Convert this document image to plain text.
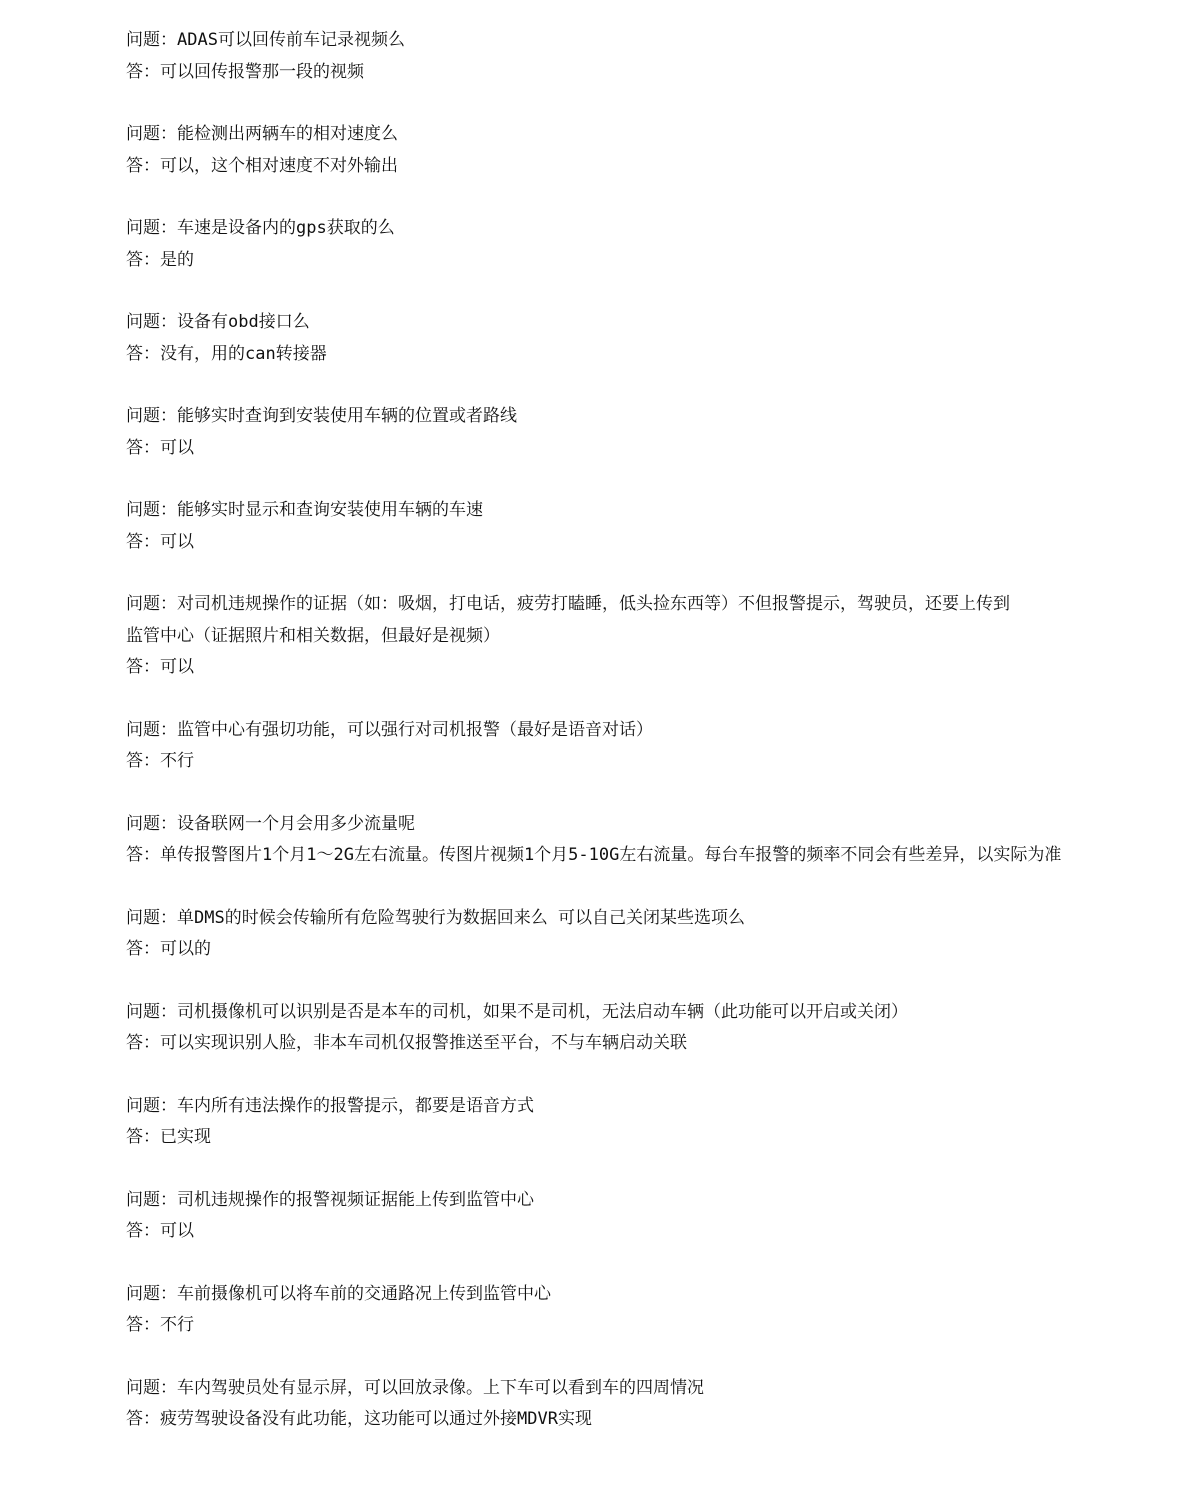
问题：ADAS可以回传前车记录视频么
答：可以回传报警那一段的视频
问题：能检测出两辆车的相对速度么
答：可以，这个相对速度不对外输出
问题：车速是设备内的gps获取的么
答：是的
问题：设备有obd接口么
答：没有，用的can转接器
问题：能够实时查询到安装使用车辆的位置或者路线
答：可以
问题：能够实时显示和查询安装使用车辆的车速
答：可以
问题：对司机违规操作的证据（如：吸烟，打电话，疲劳打瞌睡，低头捡东西等）不但报警提示，驾驶员，还要上传到
监管中心（证据照片和相关数据，但最好是视频）
答：可以
问题：监管中心有强切功能，可以强行对司机报警（最好是语音对话）
答：不行
问题：设备联网一个月会用多少流量呢
答：单传报警图片1个月1～2G左右流量。传图片视频1个月5-10G左右流量。每台车报警的频率不同会有些差异，以实际为准
问题：单DMS的时候会传输所有危险驾驶行为数据回来么 可以自己关闭某些选项么
答：可以的
问题：司机摄像机可以识别是否是本车的司机，如果不是司机，无法启动车辆（此功能可以开启或关闭）
答：可以实现识别人脸，非本车司机仅报警推送至平台，不与车辆启动关联
问题：车内所有违法操作的报警提示，都要是语音方式
答：已实现
问题：司机违规操作的报警视频证据能上传到监管中心
答：可以
问题：车前摄像机可以将车前的交通路况上传到监管中心
答：不行
问题：车内驾驶员处有显示屏，可以回放录像。上下车可以看到车的四周情况
答：疲劳驾驶设备没有此功能，这功能可以通过外接MDVR实现
